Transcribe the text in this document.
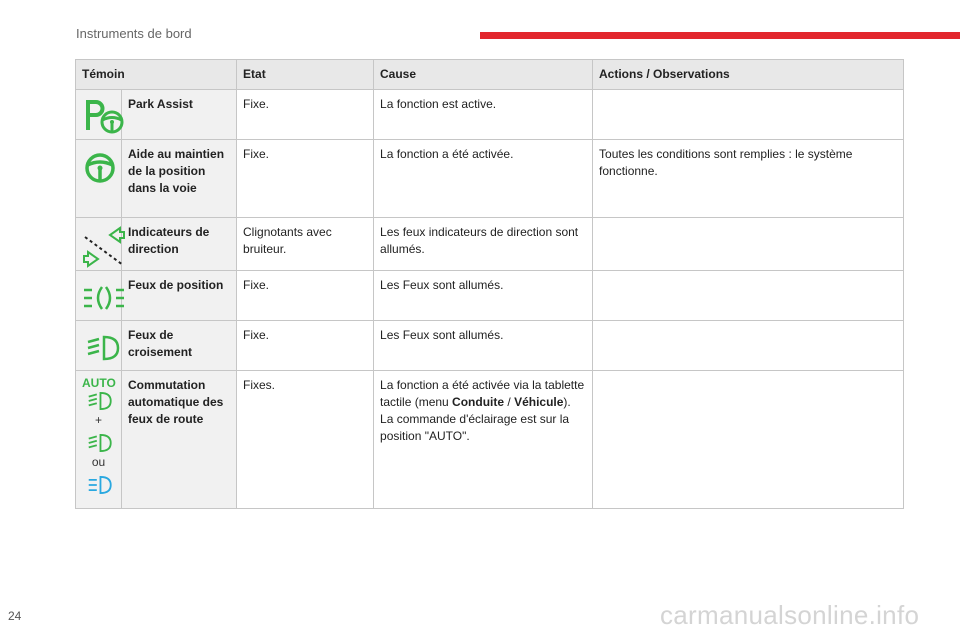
Instruments de bord
Témoin		Etat	Cause	Actions / Observations

	Park Assist	Fixe.	La fonction est active.	

	Aide au maintien de la position dans la voie	Fixe.	La fonction a été activée.	Toutes les conditions sont remplies : le système fonctionne.

	Indicateurs de direction	Clignotants avec bruiteur.	Les feux indicateurs de direction sont allumés.	

	Feux de position	Fixe.	Les Feux sont allumés.	

	Feux de croisement	Fixe.	Les Feux sont allumés.	

AUTO
+
ou	Commutation automatique des feux de route	Fixes.	La fonction a été activée via la tablette tactile (menu Conduite / Véhicule).
La commande d'éclairage est sur la position "AUTO".	
24	carmanualsonline.info
